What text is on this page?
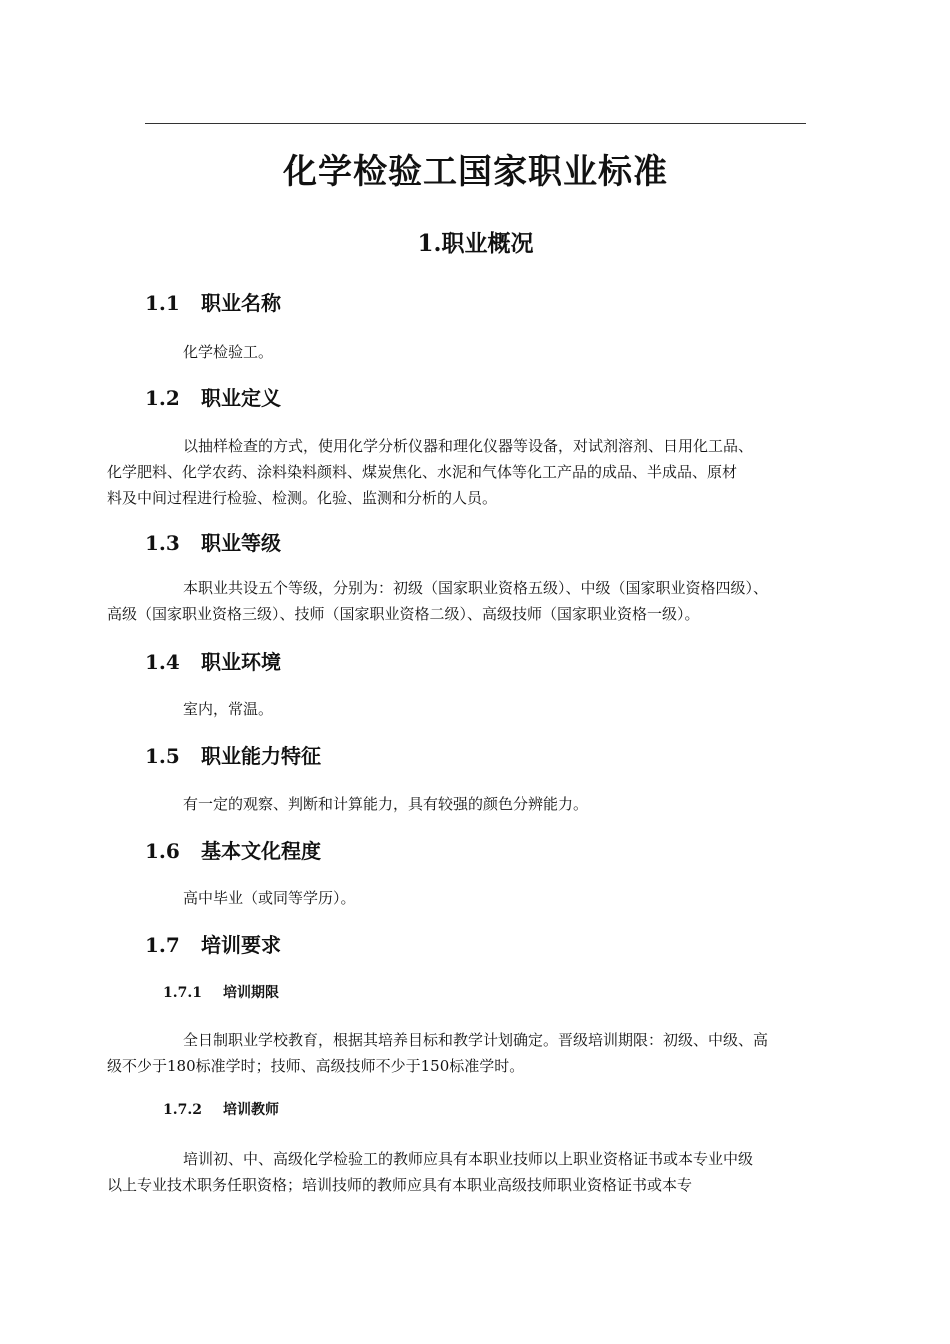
化学检验工国家职业标准
1.职业概况
1.1 职业名称

化学检验工。

1.2 职业定义

以抽样检查的方式，使用化学分析仪器和理化仪器等设备，对试剂溶剂、日用化工品、
化学肥料、化学农药、涂料染料颜料、煤炭焦化、水泥和气体等化工产品的成品、半成品、原材
料及中间过程进行检验、检测。化验、监测和分析的人员。

1.3 职业等级

本职业共设五个等级，分别为：初级（国家职业资格五级）、中级（国家职业资格四级）、
高级（国家职业资格三级）、技师（国家职业资格二级）、高级技师（国家职业资格一级）。

1.4 职业环境

室内，常温。

1.5 职业能力特征

有一定的观察、判断和计算能力，具有较强的颜色分辨能力。

1.6 基本文化程度

高中毕业（或同等学历）。

1.7 培训要求
1.7.1 培训期限

全日制职业学校教育，根据其培养目标和教学计划确定。晋级培训期限：初级、中级、高
级不少于180标准学时；技师、高级技师不少于150标准学时。

1.7.2 培训教师

培训初、中、高级化学检验工的教师应具有本职业技师以上职业资格证书或本专业中级
以上专业技术职务任职资格；培训技师的教师应具有本职业高级技师职业资格证书或本专
